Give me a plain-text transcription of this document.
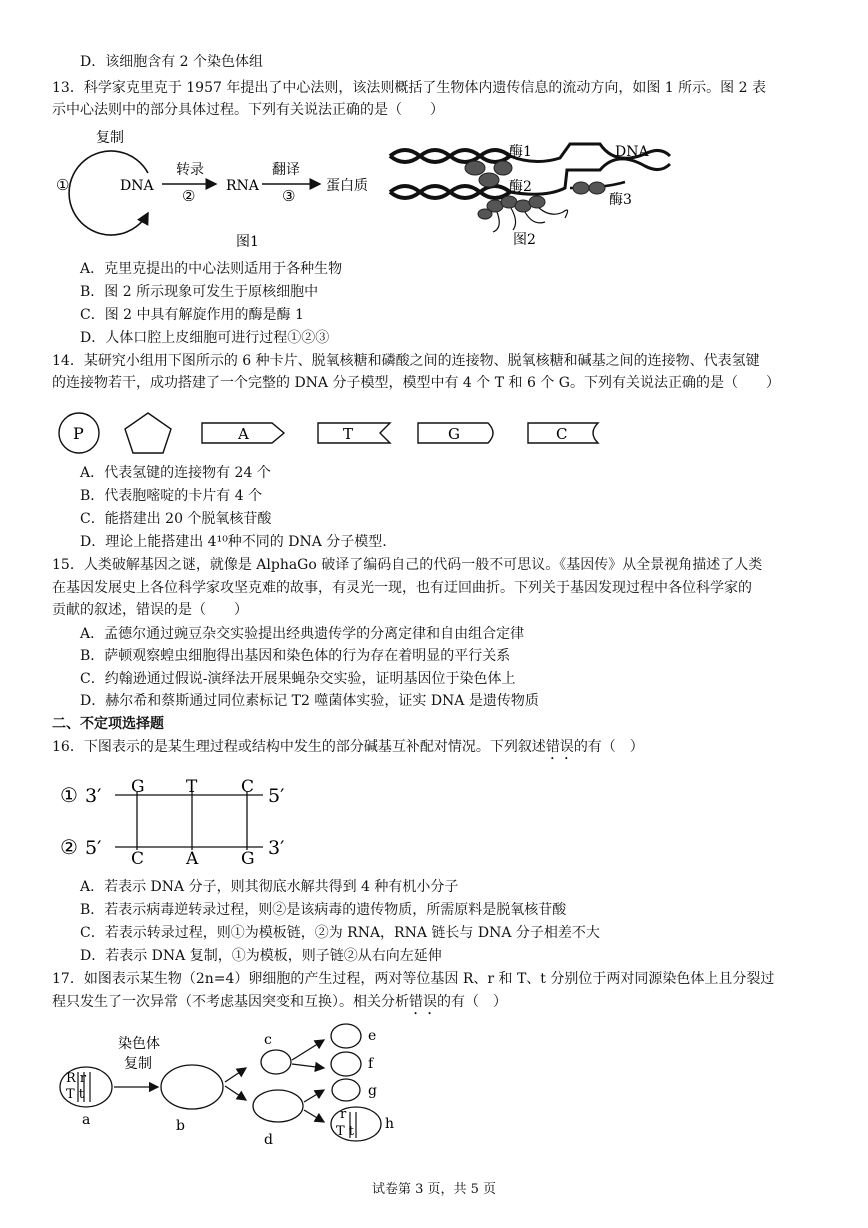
D．该细胞含有 2 个染色体组
13．科学家克里克于 1957 年提出了中心法则，该法则概括了生物体内遗传信息的流动方向，如图 1 所示。图 2 表
示中心法则中的部分具体过程。下列有关说法正确的是（　　）
复制
①	DNA
转录
②
RNA
翻译
③
蛋白质
图1
酶1
酶2
酶3
DNA
图2
A．克里克提出的中心法则适用于各种生物
B．图 2 所示现象可发生于原核细胞中
C．图 2 中具有解旋作用的酶是酶 1
D．人体口腔上皮细胞可进行过程①②③
14．某研究小组用下图所示的 6 种卡片、脱氧核糖和磷酸之间的连接物、脱氧核糖和碱基之间的连接物、代表氢键
的连接物若干，成功搭建了一个完整的 DNA 分子模型，模型中有 4 个 T 和 6 个 G。下列有关说法正确的是（　　）
P	A	T	G	C
A．代表氢键的连接物有 24 个
B．代表胞嘧啶的卡片有 4 个
C．能搭建出 20 个脱氧核苷酸
D．理论上能搭建出 4¹⁰种不同的 DNA 分子模型.
15．人类破解基因之谜，就像是 AlphaGo 破译了编码自己的代码一般不可思议。《基因传》从全景视角描述了人类
在基因发展史上各位科学家攻坚克难的故事，有灵光一现，也有迂回曲折。下列关于基因发现过程中各位科学家的
贡献的叙述，错误的是（　　）
A．孟德尔通过豌豆杂交实验提出经典遗传学的分离定律和自由组合定律
B．萨顿观察蝗虫细胞得出基因和染色体的行为存在着明显的平行关系
C．约翰逊通过假说-演绎法开展果蝇杂交实验，证明基因位于染色体上
D．赫尔希和蔡斯通过同位素标记 T2 噬菌体实验，证实 DNA 是遗传物质
二、不定项选择题
16．下图表示的是某生理过程或结构中发生的部分碱基互补配对情况。下列叙述错误的有（　）
① 3′	5′
② 5′	3′
G T	C
C A	G
A．若表示 DNA 分子，则其彻底水解共得到 4 种有机小分子
B．若表示病毒逆转录过程，则②是该病毒的遗传物质，所需原料是脱氧核苷酸
C．若表示转录过程，则①为模板链，②为 RNA，RNA 链长与 DNA 分子相差不大
D．若表示 DNA 复制，①为模板，则子链②从右向左延伸
17．如图表示某生物（2n=4）卵细胞的产生过程，两对等位基因 R、r 和 T、t 分别位于两对同源染色体上且分裂过
程只发生了一次异常（不考虑基因突变和互换）。相关分析错误的有（　）
R r
T t
a
染色体
复制
b
c
d
e
f
g
r
T t h
试卷第 3 页，共 5 页
